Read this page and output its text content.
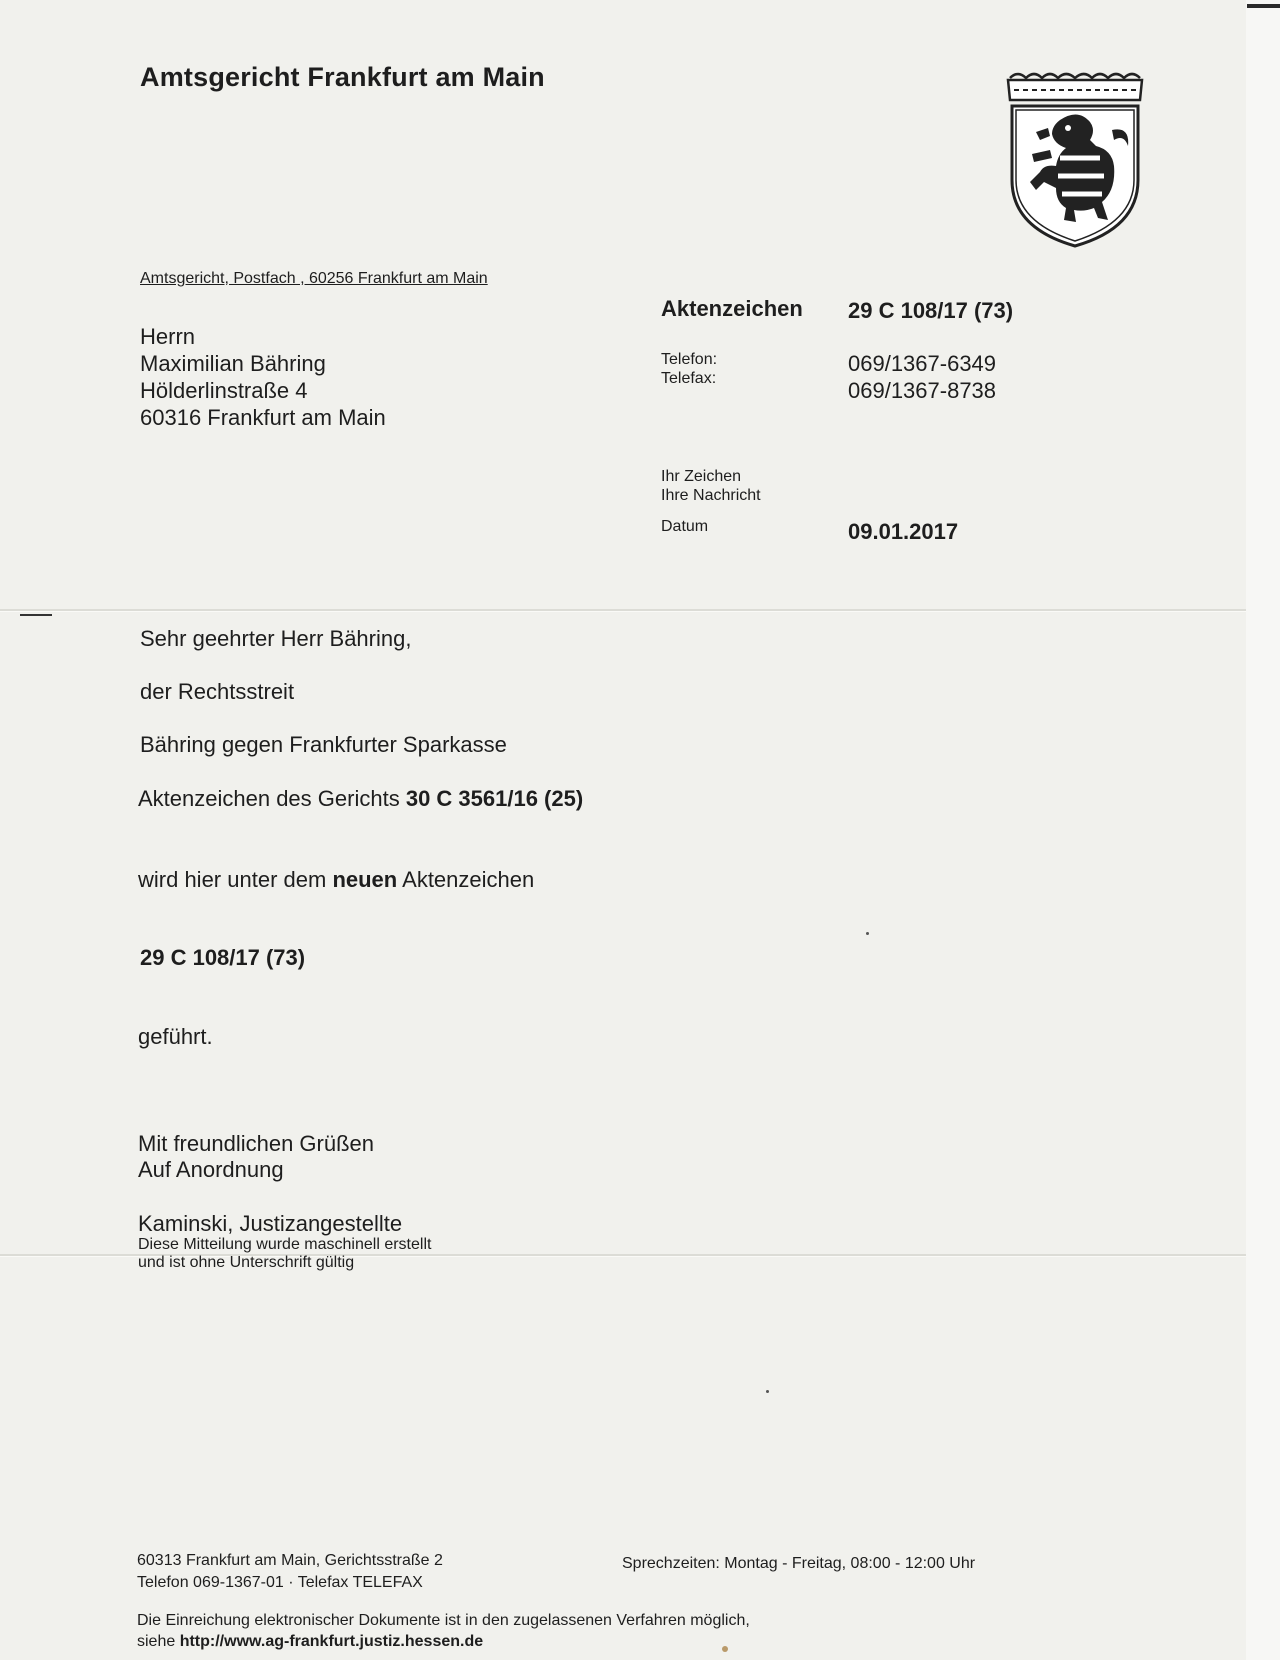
Amtsgericht Frankfurt am Main

Amtsgericht, Postfach , 60256 Frankfurt am Main

Herrn
Maximilian Bähring
Hölderlinstraße 4
60316 Frankfurt am Main
Aktenzeichen 29 C 108/17 (73)
Telefon:
Telefax:
069/1367-6349
069/1367-8738
Ihr Zeichen
Ihre Nachricht
Datum	09.01.2017
Sehr geehrter Herr Bähring,
der Rechtsstreit
Bähring gegen Frankfurter Sparkasse
Aktenzeichen des Gerichts 30 C 3561/16 (25)
wird hier unter dem neuen Aktenzeichen
29 C 108/17 (73)
geführt.
Mit freundlichen Grüßen
Auf Anordnung
Kaminski, Justizangestellte
Diese Mitteilung wurde maschinell erstellt
und ist ohne Unterschrift gültig
60313 Frankfurt am Main, Gerichtsstraße 2
Telefon 069-1367-01 · Telefax TELEFAX
Sprechzeiten: Montag - Freitag, 08:00 - 12:00 Uhr
Die Einreichung elektronischer Dokumente ist in den zugelassenen Verfahren möglich,
siehe http://www.ag-frankfurt.justiz.hessen.de
